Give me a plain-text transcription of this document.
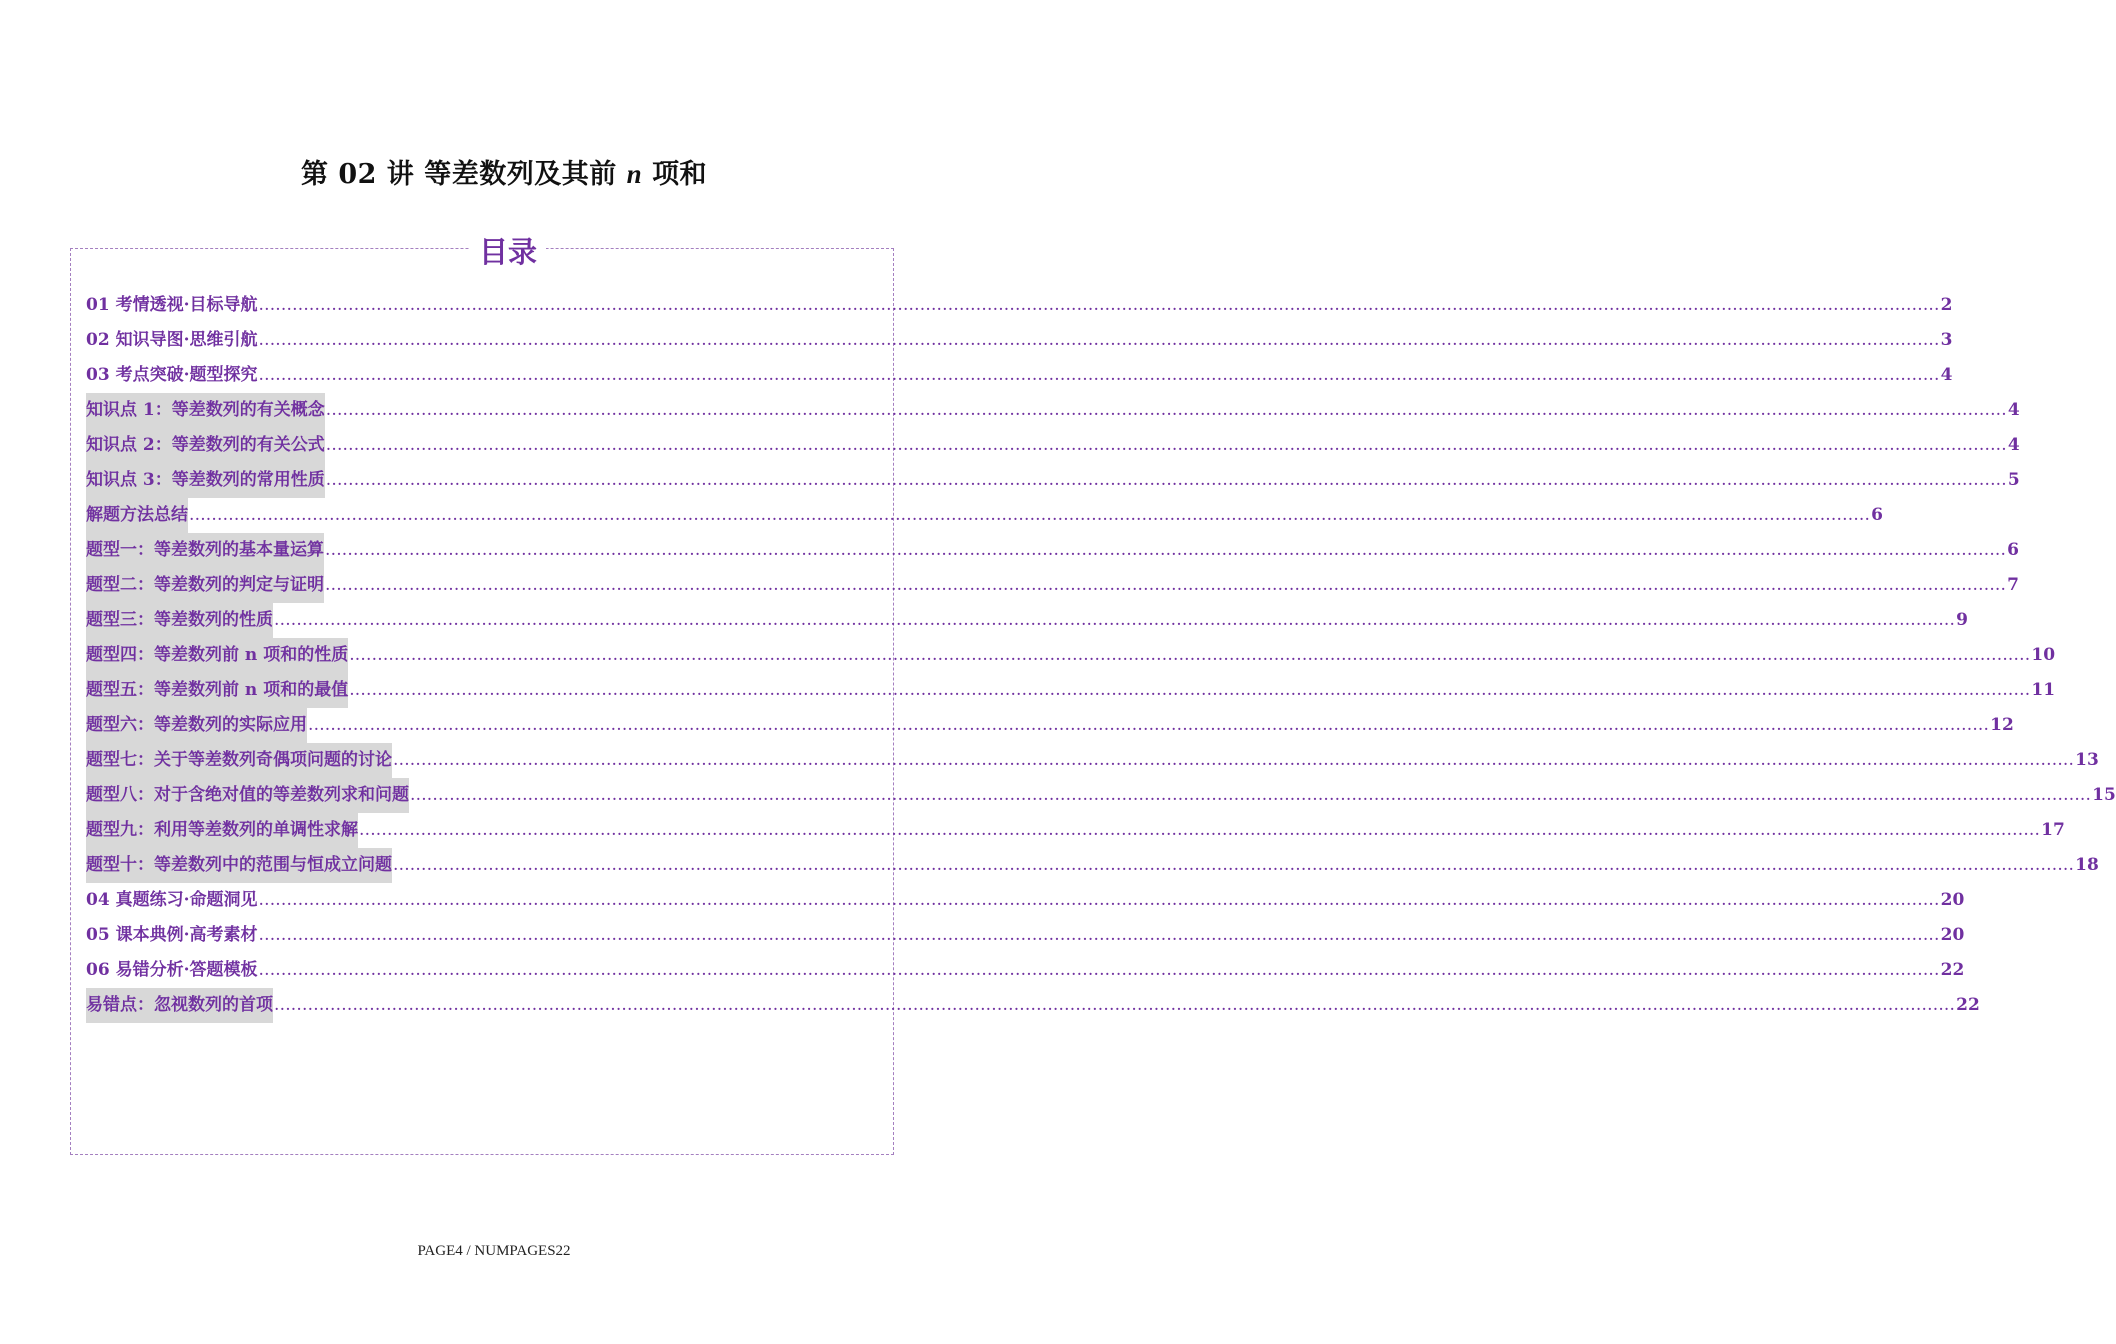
第 02 讲 等差数列及其前 n 项和
目录
01 考情透视·目标导航 ............................................................................................................................................................................................................................................................................................................ 2
02 知识导图·思维引航 ............................................................................................................................................................................................................................................................................................................ 3
03 考点突破·题型探究 ............................................................................................................................................................................................................................................................................................................ 4
知识点 1：等差数列的有关概念 ............................................................................................................................................................................................................................................................................................................ 4
知识点 2：等差数列的有关公式 ............................................................................................................................................................................................................................................................................................................ 4
知识点 3：等差数列的常用性质 ............................................................................................................................................................................................................................................................................................................ 5
解题方法总结 ............................................................................................................................................................................................................................................................................................................ 6
题型一：等差数列的基本量运算 ............................................................................................................................................................................................................................................................................................................ 6
题型二：等差数列的判定与证明 ............................................................................................................................................................................................................................................................................................................ 7
题型三：等差数列的性质 ............................................................................................................................................................................................................................................................................................................ 9
题型四：等差数列前 n 项和的性质 ............................................................................................................................................................................................................................................................................................................ 10
题型五：等差数列前 n 项和的最值 ............................................................................................................................................................................................................................................................................................................ 11
题型六：等差数列的实际应用 ............................................................................................................................................................................................................................................................................................................ 12
题型七：关于等差数列奇偶项问题的讨论 ............................................................................................................................................................................................................................................................................................................ 13
题型八：对于含绝对值的等差数列求和问题 ............................................................................................................................................................................................................................................................................................................ 15
题型九：利用等差数列的单调性求解 ............................................................................................................................................................................................................................................................................................................ 17
题型十：等差数列中的范围与恒成立问题 ............................................................................................................................................................................................................................................................................................................ 18
04 真题练习·命题洞见 ............................................................................................................................................................................................................................................................................................................ 20
05 课本典例·高考素材 ............................................................................................................................................................................................................................................................................................................ 20
06 易错分析·答题模板 ............................................................................................................................................................................................................................................................................................................ 22
易错点：忽视数列的首项 ............................................................................................................................................................................................................................................................................................................ 22
PAGE4 / NUMPAGES22
